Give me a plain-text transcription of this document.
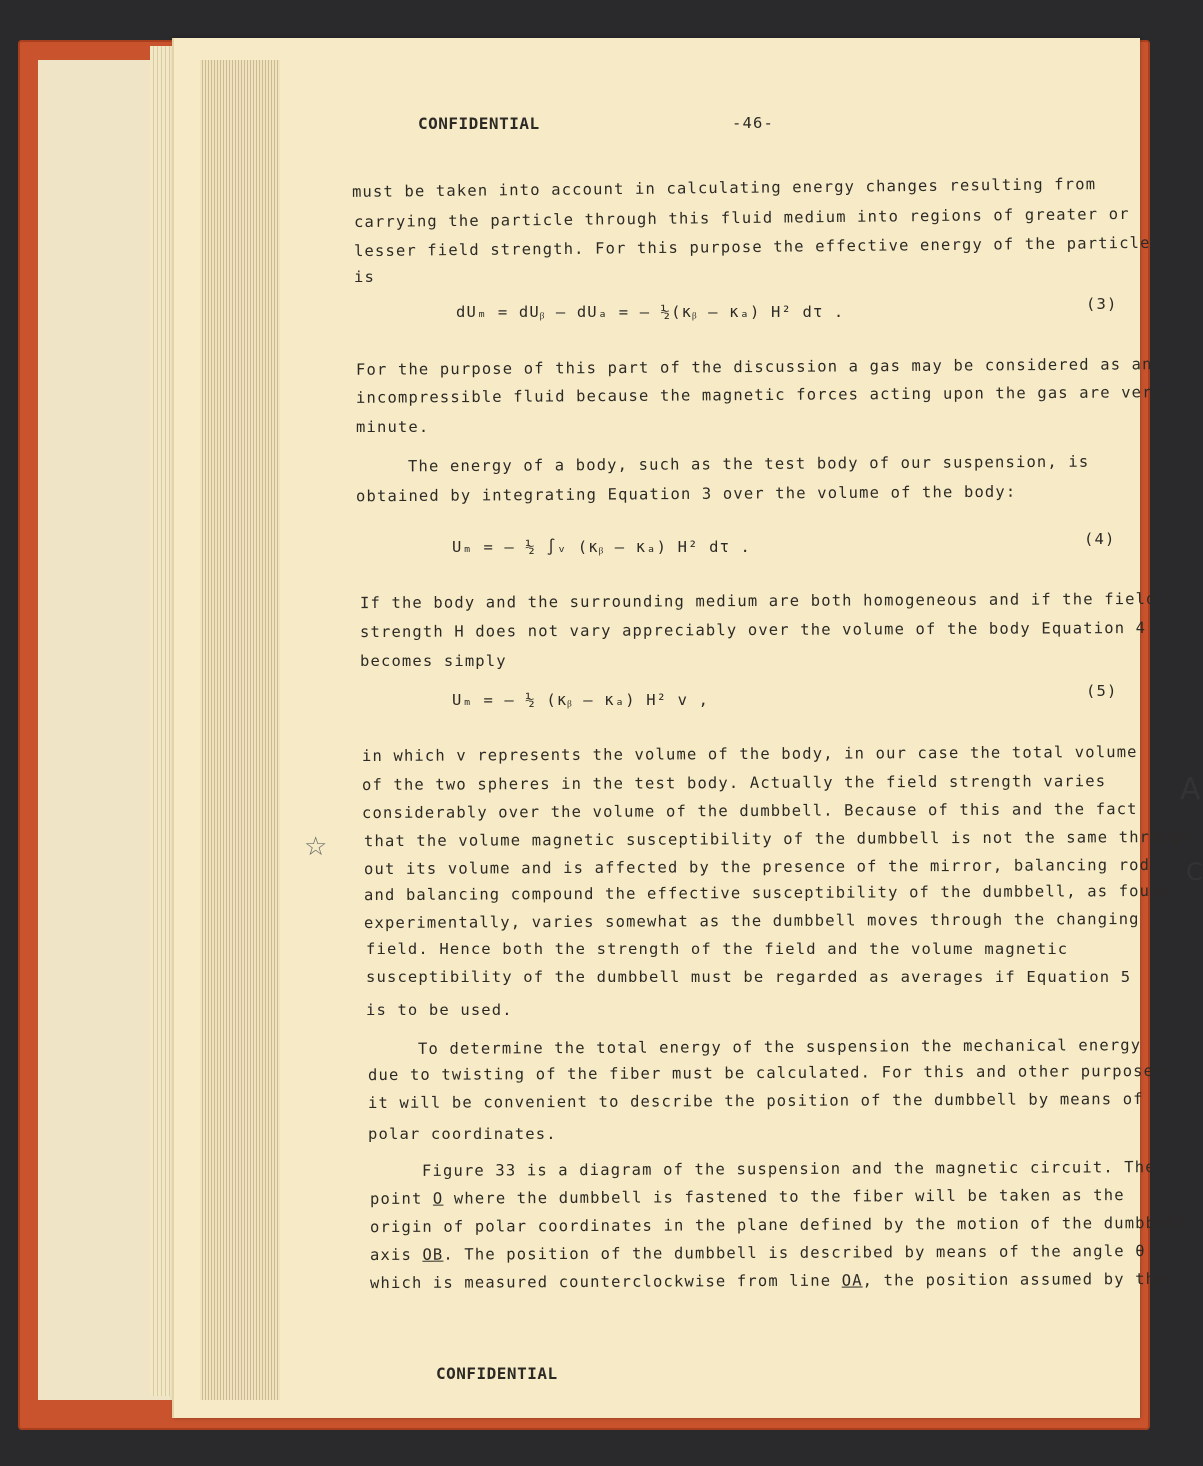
CONFIDENTIAL	-46-
must be taken into account in calculating energy changes resulting from
carrying the particle through this fluid medium into regions of greater or
lesser field strength. For this purpose the effective energy of the particle
is
dUₘ = dUᵦ – dUₐ = – ½(κᵦ – κₐ) H² dτ .	(3)
For the purpose of this part of the discussion a gas may be considered as an
incompressible fluid because the magnetic forces acting upon the gas are very
minute.
The energy of a body, such as the test body of our suspension, is
obtained by integrating Equation 3 over the volume of the body:
Uₘ = – ½ ∫ᵥ (κᵦ – κₐ) H² dτ .	(4)
If the body and the surrounding medium are both homogeneous and if the field
strength H does not vary appreciably over the volume of the body Equation 4
becomes simply
Uₘ = – ½ (κᵦ – κₐ) H² v ,	(5)
in which v represents the volume of the body, in our case the total volume
of the two spheres in the test body. Actually the field strength varies
considerably over the volume of the dumbbell. Because of this and the fact
that the volume magnetic susceptibility of the dumbbell is not the same through-
out its volume and is affected by the presence of the mirror, balancing rod,
and balancing compound the effective susceptibility of the dumbbell, as found
experimentally, varies somewhat as the dumbbell moves through the changing
field. Hence both the strength of the field and the volume magnetic
susceptibility of the dumbbell must be regarded as averages if Equation 5
is to be used.
To determine the total energy of the suspension the mechanical energy
due to twisting of the fiber must be calculated. For this and other purposes
it will be convenient to describe the position of the dumbbell by means of
polar coordinates.
Figure 33 is a diagram of the suspension and the magnetic circuit. The
point O where the dumbbell is fastened to the fiber will be taken as the
origin of polar coordinates in the plane defined by the motion of the dumbbell
axis OB. The position of the dumbbell is described by means of the angle θ
which is measured counterclockwise from line OA, the position assumed by the
CONFIDENTIAL
☆
A
C
